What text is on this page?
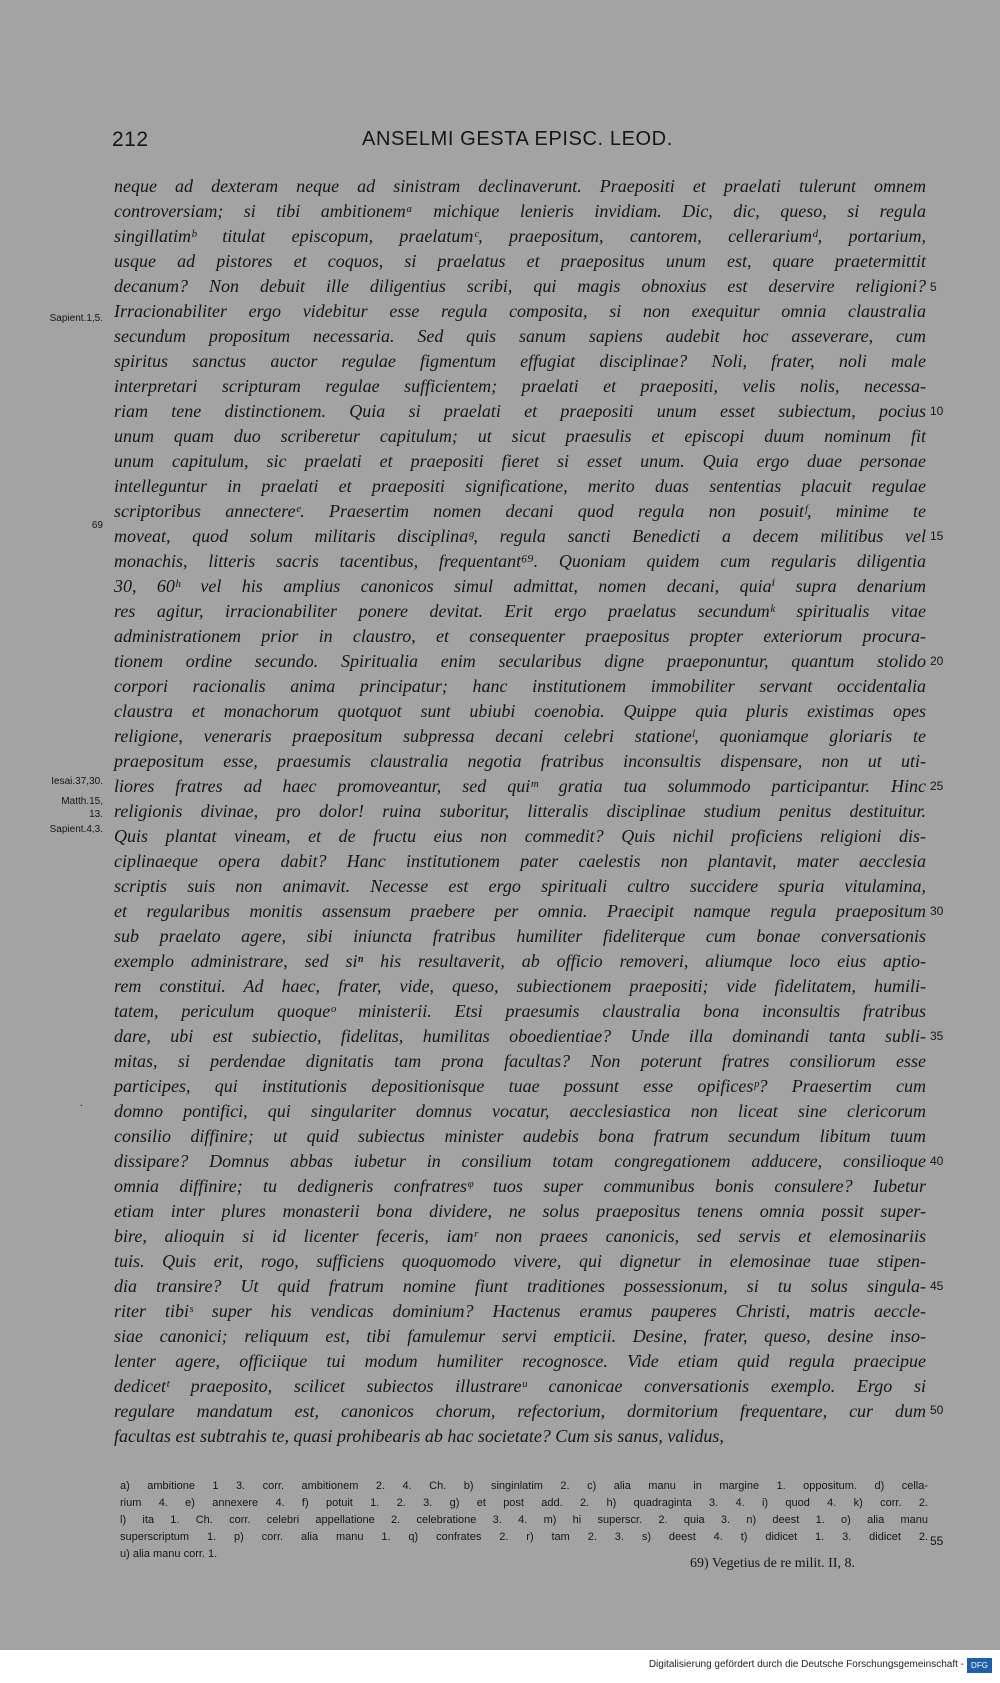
212	ANSELMI GESTA EPISC. LEOD.
neque ad dexteram neque ad sinistram declinaverunt. Praepositi et praelati tulerunt omnem
controversiam; si tibi ambitionemᵃ michique lenieris invidiam. Dic, dic, queso, si regula
singillatimᵇ titulat episcopum, praelatumᶜ, praepositum, cantorem, cellerariumᵈ, portarium,
usque ad pistores et coquos, si praelatus et praepositus unum est, quare praetermittit
decanum? Non debuit ille diligentius scribi, qui magis obnoxius est deservire religioni?
Irracionabiliter ergo videbitur esse regula composita, si non exequitur omnia claustralia
secundum propositum necessaria. Sed quis sanum sapiens audebit hoc asseverare, cum
spiritus sanctus auctor regulae figmentum effugiat disciplinae? Noli, frater, noli male
interpretari scripturam regulae sufficientem; praelati et praepositi, velis nolis, necessa-
riam tene distinctionem. Quia si praelati et praepositi unum esset subiectum, pocius
unum quam duo scriberetur capitulum; ut sicut praesulis et episcopi duum nominum fit
unum capitulum, sic praelati et praepositi fieret si esset unum. Quia ergo duae personae
intelleguntur in praelati et praepositi significatione, merito duas sententias placuit regulae
scriptoribus annectereᵉ. Praesertim nomen decani quod regula non posuitᶠ, minime te
moveat, quod solum militaris disciplinaᵍ, regula sancti Benedicti a decem militibus vel
monachis, litteris sacris tacentibus, frequentant⁶⁹. Quoniam quidem cum regularis diligentia
30, 60ʰ vel his amplius canonicos simul admittat, nomen decani, quiaⁱ supra denarium
res agitur, irracionabiliter ponere devitat. Erit ergo praelatus secundumᵏ spiritualis vitae
administrationem prior in claustro, et consequenter praepositus propter exteriorum procura-
tionem ordine secundo. Spiritualia enim secularibus digne praeponuntur, quantum stolido
corpori racionalis anima principatur; hanc institutionem immobiliter servant occidentalia
claustra et monachorum quotquot sunt ubiubi coenobia. Quippe quia pluris existimas opes
religione, veneraris praepositum subpressa decani celebri stationeˡ, quoniamque gloriaris te
praepositum esse, praesumis claustralia negotia fratribus inconsultis dispensare, non ut uti-
liores fratres ad haec promoveantur, sed quiᵐ gratia tua solummodo participantur. Hinc
religionis divinae, pro dolor! ruina suboritur, litteralis disciplinae studium penitus destituitur.
Quis plantat vineam, et de fructu eius non commedit? Quis nichil proficiens religioni dis-
ciplinaeque opera dabit? Hanc institutionem pater caelestis non plantavit, mater aecclesia
scriptis suis non animavit. Necesse est ergo spirituali cultro succidere spuria vitulamina,
et regularibus monitis assensum praebere per omnia. Praecipit namque regula praepositum
sub praelato agere, sibi iniuncta fratribus humiliter fideliterque cum bonae conversationis
exemplo administrare, sed siⁿ his resultaverit, ab officio removeri, aliumque loco eius aptio-
rem constitui. Ad haec, frater, vide, queso, subiectionem praepositi; vide fidelitatem, humili-
tatem, periculum quoqueᵒ ministerii. Etsi praesumis claustralia bona inconsultis fratribus
dare, ubi est subiectio, fidelitas, humilitas oboedientiae? Unde illa dominandi tanta subli-
mitas, si perdendae dignitatis tam prona facultas? Non poterunt fratres consiliorum esse
participes, qui institutionis depositionisque tuae possunt esse opificesᵖ? Praesertim cum
domno pontifici, qui singulariter domnus vocatur, aecclesiastica non liceat sine clericorum
consilio diffinire; ut quid subiectus minister audebis bona fratrum secundum libitum tuum
dissipare? Domnus abbas iubetur in consilium totam congregationem adducere, consilioque
omnia diffinire; tu dedigneris confratresᵠ tuos super communibus bonis consulere? Iubetur
etiam inter plures monasterii bona dividere, ne solus praepositus tenens omnia possit super-
bire, alioquin si id licenter feceris, iamʳ non praees canonicis, sed servis et elemosinariis
tuis. Quis erit, rogo, sufficiens quoquomodo vivere, qui dignetur in elemosinae tuae stipen-
dia transire? Ut quid fratrum nomine fiunt traditiones possessionum, si tu solus singula-
riter tibiˢ super his vendicas dominium? Hactenus eramus pauperes Christi, matris aeccle-
siae canonici; reliquum est, tibi famulemur servi empticii. Desine, frater, queso, desine inso-
lenter agere, officiique tui modum humiliter recognosce. Vide etiam quid regula praecipue
dedicetᵗ praeposito, scilicet subiectos illustrareᵘ canonicae conversationis exemplo. Ergo si
regulare mandatum est, canonicos chorum, refectorium, dormitorium frequentare, cur dum
facultas est subtrahis te, quasi prohibearis ab hac societate? Cum sis sanus, validus,
Sapient.1,5.
69
Iesai.37,30.
Matth.15,
13.
Sapient.4,3.
5
10
15
20
25
30
35
40
45
50
55
.
a) ambitione 1 3. corr. ambitionem 2. 4. Ch. b) singinlatim 2. c) alia manu in margine 1. oppositum. d) cella-
rium 4. e) annexere 4. f) potuit 1. 2. 3. g) et post add. 2. h) quadraginta 3. 4. i) quod 4. k) corr. 2.
l) ita 1. Ch. corr. celebri appellatione 2. celebratione 3. 4. m) hi superscr. 2. quia 3. n) deest 1. o) alia manu
superscriptum 1. p) corr. alia manu 1. q) confrates 2. r) tam 2. 3. s) deest 4. t) didicet 1. 3. didicet 2.
u) alia manu corr. 1.
69) Vegetius de re milit. II, 8.
Digitalisierung gefördert durch die Deutsche Forschungsgemeinschaft - DFG
